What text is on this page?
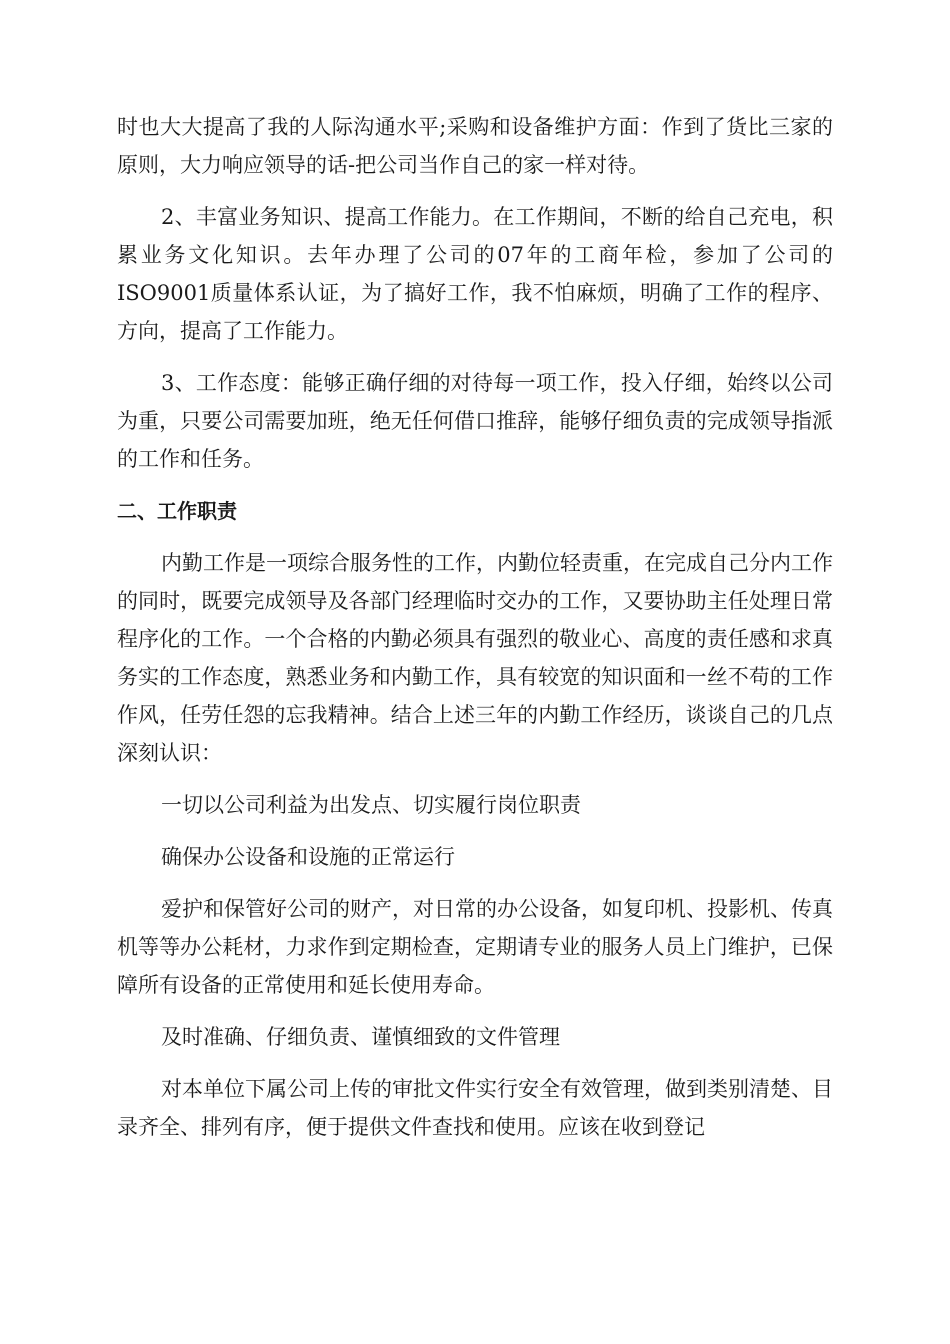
时也大大提高了我的人际沟通水平;采购和设备维护方面：作到了货比三家的原则，大力响应领导的话-把公司当作自己的家一样对待。

2、丰富业务知识、提高工作能力。在工作期间，不断的给自己充电，积累业务文化知识。去年办理了公司的07年的工商年检，参加了公司的ISO9001质量体系认证，为了搞好工作，我不怕麻烦，明确了工作的程序、方向，提高了工作能力。

3、工作态度：能够正确仔细的对待每一项工作，投入仔细，始终以公司为重，只要公司需要加班，绝无任何借口推辞，能够仔细负责的完成领导指派的工作和任务。

二、工作职责

内勤工作是一项综合服务性的工作，内勤位轻责重，在完成自己分内工作的同时，既要完成领导及各部门经理临时交办的工作，又要协助主任处理日常程序化的工作。一个合格的内勤必须具有强烈的敬业心、高度的责任感和求真务实的工作态度，熟悉业务和内勤工作，具有较宽的知识面和一丝不苟的工作作风，任劳任怨的忘我精神。结合上述三年的内勤工作经历，谈谈自己的几点深刻认识：

一切以公司利益为出发点、切实履行岗位职责

确保办公设备和设施的正常运行

爱护和保管好公司的财产，对日常的办公设备，如复印机、投影机、传真机等等办公耗材，力求作到定期检查，定期请专业的服务人员上门维护，已保障所有设备的正常使用和延长使用寿命。

及时准确、仔细负责、谨慎细致的文件管理

对本单位下属公司上传的审批文件实行安全有效管理，做到类别清楚、目录齐全、排列有序，便于提供文件查找和使用。应该在收到登记
